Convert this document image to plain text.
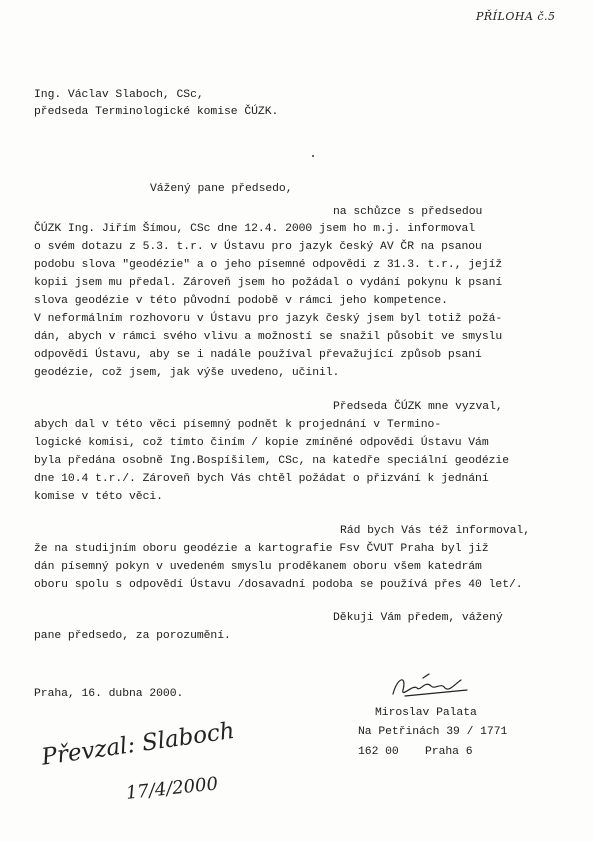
PŘÍLOHA č.5
Ing. Václav Slaboch, CSc,
předseda Terminologické komise ČÚZK.
Vážený pane předsedo,
na schůzce s předsedou
ČÚZK Ing. Jiřím Šímou, CSc dne 12.4. 2000 jsem ho m.j. informoval
o svém dotazu z 5.3. t.r. v Ústavu pro jazyk český AV ČR na psanou
podobu slova "geodézie" a o jeho písemné odpovědi z 31.3. t.r., jejíž
kopii jsem mu předal. Zároveň jsem ho požádal o vydání pokynu k psaní
slova geodézie v této původní podobě v rámci jeho kompetence.
V neformálním rozhovoru v Ústavu pro jazyk český jsem byl totiž požá-
dán, abych v rámci svého vlivu a možností se snažil působit ve smyslu
odpovědi Ústavu, aby se i nadále používal převažující způsob psaní
geodézie, což jsem, jak výše uvedeno, učinil.
Předseda ČÚZK mne vyzval,
abych dal v této věci písemný podnět k projednání v Termino-
logické komisi, což tímto činím / kopie zmíněné odpovědi Ústavu Vám
byla předána osobně Ing.Bospíšilem, CSc, na katedře speciální geodézie
dne 10.4 t.r./. Zároveň bych Vás chtěl požádat o přizvání k jednání
komise v této věci.
Rád bych Vás též informoval,
že na studijním oboru geodézie a kartografie Fsv ČVUT Praha byl již
dán písemný pokyn v uvedeném smyslu proděkanem oboru všem katedrám
oboru spolu s odpovědí Ústavu /dosavadní podoba se používá přes 40 let/.
Děkuji Vám předem, vážený
pane předsedo, za porozumění.
Praha, 16. dubna 2000.
Miroslav Palata
Na Petřinách 39 / 1771
162 00 Praha 6
Převzal: Slaboch
17/4/2000
